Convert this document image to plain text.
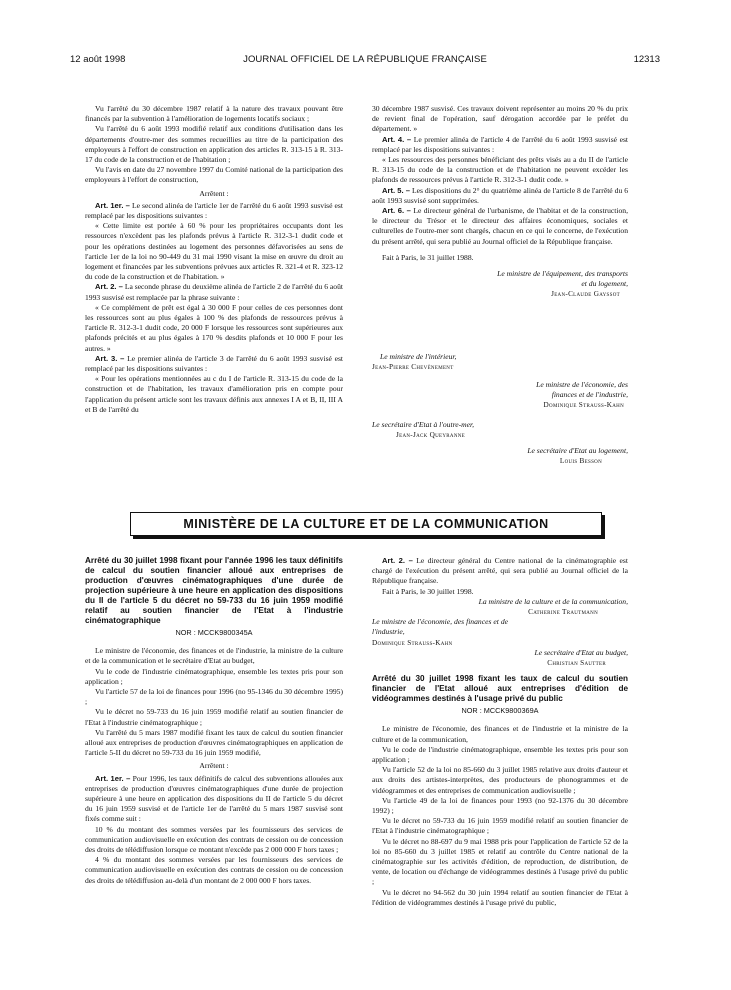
12 août 1998	JOURNAL OFFICIEL DE LA RÉPUBLIQUE FRANÇAISE	12313

Vu l'arrêté du 30 décembre 1987 relatif à la nature des travaux pouvant être financés par la subvention à l'amélioration de logements locatifs sociaux ;

Vu l'arrêté du 6 août 1993 modifié relatif aux conditions d'utilisation dans les départements d'outre-mer des sommes recueillies au titre de la participation des employeurs à l'effort de construction en application des articles R. 313-15 à R. 313-17 du code de la construction et de l'habitation ;

Vu l'avis en date du 27 novembre 1997 du Comité national de la participation des employeurs à l'effort de construction,

Arrêtent :

Art. 1er. – Le second alinéa de l'article 1er de l'arrêté du 6 août 1993 susvisé est remplacé par les dispositions suivantes :

« Cette limite est portée à 60 % pour les propriétaires occupants dont les ressources n'excèdent pas les plafonds prévus à l'article R. 312-3-1 dudit code et pour les opérations destinées au logement des personnes défavorisées au sens de l'article 1er de la loi no 90-449 du 31 mai 1990 visant la mise en œuvre du droit au logement et financées par les subventions prévues aux articles R. 321-4 et R. 323-12 du code de la construction et de l'habitation. »

Art. 2. – La seconde phrase du deuxième alinéa de l'article 2 de l'arrêté du 6 août 1993 susvisé est remplacée par la phrase suivante :

« Ce complément de prêt est égal à 30 000 F pour celles de ces personnes dont les ressources sont au plus égales à 100 % des plafonds de ressources prévus à l'article R. 312-3-1 dudit code, 20 000 F lorsque les ressources sont supérieures aux plafonds précités et au plus égales à 170 % desdits plafonds et 10 000 F pour les autres. »

Art. 3. – Le premier alinéa de l'article 3 de l'arrêté du 6 août 1993 susvisé est remplacé par les dispositions suivantes :

« Pour les opérations mentionnées au c du I de l'article R. 313-15 du code de la construction et de l'habitation, les travaux d'amélioration pris en compte pour l'application du présent article sont les travaux définis aux annexes I A et B, II, III A et B de l'arrêté du

30 décembre 1987 susvisé. Ces travaux doivent représenter au moins 20 % du prix de revient final de l'opération, sauf dérogation accordée par le préfet du département. »

Art. 4. – Le premier alinéa de l'article 4 de l'arrêté du 6 août 1993 susvisé est remplacé par les dispositions suivantes :

« Les ressources des personnes bénéficiant des prêts visés au a du II de l'article R. 313-15 du code de la construction et de l'habitation ne peuvent excéder les plafonds de ressources prévus à l'article R. 312-3-1 dudit code. »

Art. 5. – Les dispositions du 2° du quatrième alinéa de l'article 8 de l'arrêté du 6 août 1993 susvisé sont supprimées.

Art. 6. – Le directeur général de l'urbanisme, de l'habitat et de la construction, le directeur du Trésor et le directeur des affaires économiques, sociales et culturelles de l'outre-mer sont chargés, chacun en ce qui le concerne, de l'exécution du présent arrêté, qui sera publié au Journal officiel de la République française.

Fait à Paris, le 31 juillet 1988.

Le ministre de l'équipement, des transports et du logement,
Jean-Claude Gayssot
Le ministre de l'intérieur,
Jean-Pierre Chevènement
Le ministre de l'économie, des finances et de l'industrie,
Dominique Strauss-Kahn
Le secrétaire d'Etat à l'outre-mer,
Jean-Jack Queyranne
Le secrétaire d'Etat au logement,
Louis Besson
MINISTÈRE DE LA CULTURE ET DE LA COMMUNICATION
Arrêté du 30 juillet 1998 fixant pour l'année 1996 les taux définitifs de calcul du soutien financier alloué aux entreprises de production d'œuvres cinématographiques d'une durée de projection supérieure à une heure en application des dispositions du II de l'article 5 du décret no 59-733 du 16 juin 1959 modifié relatif au soutien financier de l'Etat à l'industrie cinématographique
NOR : MCCK9800345A

Le ministre de l'économie, des finances et de l'industrie, la ministre de la culture et de la communication et le secrétaire d'Etat au budget,

Vu le code de l'industrie cinématographique, ensemble les textes pris pour son application ;

Vu l'article 57 de la loi de finances pour 1996 (no 95-1346 du 30 décembre 1995) ;

Vu le décret no 59-733 du 16 juin 1959 modifié relatif au soutien financier de l'Etat à l'industrie cinématographique ;

Vu l'arrêté du 5 mars 1987 modifié fixant les taux de calcul du soutien financier alloué aux entreprises de production d'œuvres cinématographiques en application de l'article 5-II du décret no 59-733 du 16 juin 1959 modifié,

Arrêtent :

Art. 1er. – Pour 1996, les taux définitifs de calcul des subventions allouées aux entreprises de production d'œuvres cinématographiques d'une durée de projection supérieure à une heure en application des dispositions du II de l'article 5 du décret du 16 juin 1959 susvisé et de l'article 1er de l'arrêté du 5 mars 1987 susvisé sont fixés comme suit :

10 % du montant des sommes versées par les fournisseurs des services de communication audiovisuelle en exécution des contrats de cession ou de concession des droits de télédiffusion lorsque ce montant n'excède pas 2 000 000 F hors taxes ;

4 % du montant des sommes versées par les fournisseurs des services de communication audiovisuelle en exécution des contrats de cession ou de concession des droits de télédiffusion au-delà d'un montant de 2 000 000 F hors taxes.

Art. 2. – Le directeur général du Centre national de la cinématographie est chargé de l'exécution du présent arrêté, qui sera publié au Journal officiel de la République française.

Fait à Paris, le 30 juillet 1998.

La ministre de la culture et de la communication,
Catherine Trautmann
Le ministre de l'économie, des finances et de l'industrie,
Dominique Strauss-Kahn
Le secrétaire d'Etat au budget,
Christian Sautter
Arrêté du 30 juillet 1998 fixant les taux de calcul du soutien financier de l'Etat alloué aux entreprises d'édition de vidéogrammes destinés à l'usage privé du public
NOR : MCCK9800369A

Le ministre de l'économie, des finances et de l'industrie et la ministre de la culture et de la communication,

Vu le code de l'industrie cinématographique, ensemble les textes pris pour son application ;

Vu l'article 52 de la loi no 85-660 du 3 juillet 1985 relative aux droits d'auteur et aux droits des artistes-interprètes, des producteurs de phonogrammes et de vidéogrammes et des entreprises de communication audiovisuelle ;

Vu l'article 49 de la loi de finances pour 1993 (no 92-1376 du 30 décembre 1992) ;

Vu le décret no 59-733 du 16 juin 1959 modifié relatif au soutien financier de l'Etat à l'industrie cinématographique ;

Vu le décret no 88-697 du 9 mai 1988 pris pour l'application de l'article 52 de la loi no 85-660 du 3 juillet 1985 et relatif au contrôle du Centre national de la cinématographie sur les activités d'édition, de reproduction, de distribution, de vente, de location ou d'échange de vidéogrammes destinés à l'usage privé du public ;

Vu le décret no 94-562 du 30 juin 1994 relatif au soutien financier de l'Etat à l'édition de vidéogrammes destinés à l'usage privé du public,
